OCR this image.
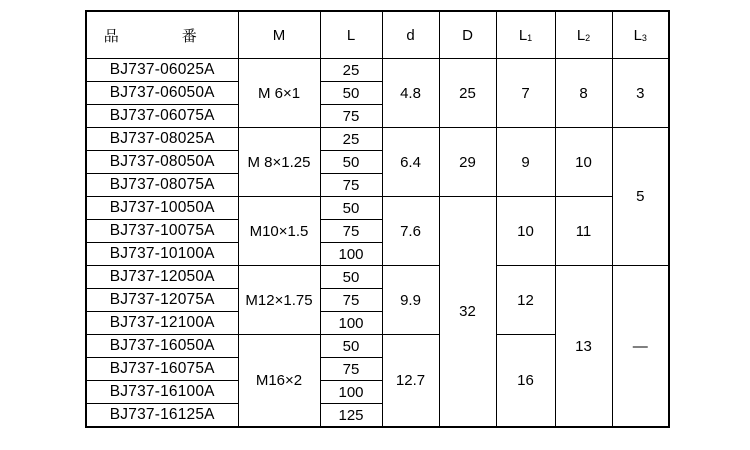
品　番	M	L	d	D	$L_1$	$L_2$	$L_3$
BJ737-06025A	M 6×1	25	4.8	25	7	8	3
BJ737-06050A		50					
BJ737-06075A		75					
BJ737-08025A	M 8×1.25	25	6.4	29	9	10	5
BJ737-08050A		50					
BJ737-08075A		75					
BJ737-10050A	M10×1.5	50	7.6	32	10	11	
BJ737-10075A		75					
BJ737-10100A		100					
BJ737-12050A	M12×1.75	50	9.9		12	13	—
BJ737-12075A		75					
BJ737-12100A		100					
BJ737-16050A	M16×2	50	12.7		16		
BJ737-16075A		75					
BJ737-16100A		100					
BJ737-16125A		125					
